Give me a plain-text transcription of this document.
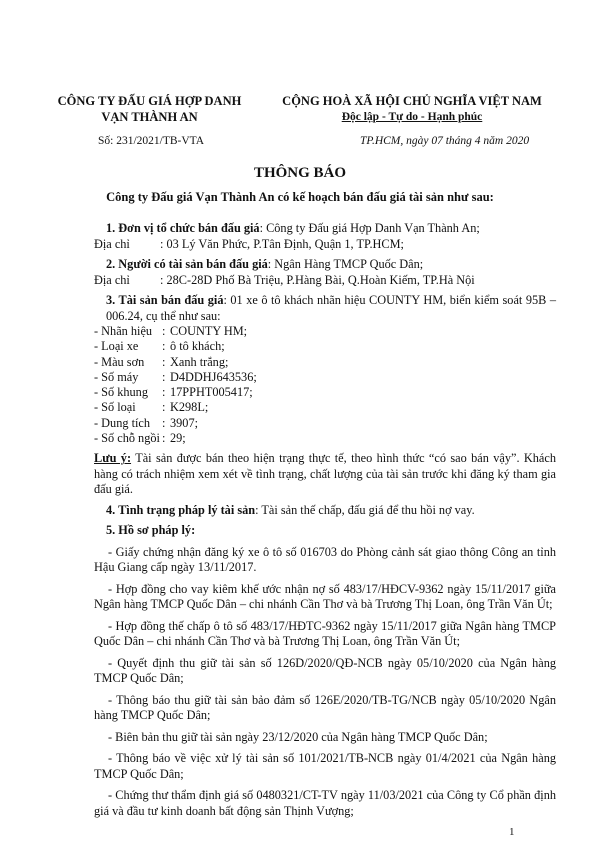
CÔNG TY ĐẤU GIÁ HỢP DANH
VẠN THÀNH AN
CỘNG HOÀ XÃ HỘI CHỦ NGHĨA VIỆT NAM
Độc lập - Tự do - Hạnh phúc
Số: 231/2021/TB-VTA	TP.HCM, ngày 07 tháng 4 năm 2020
THÔNG BÁO
Công ty Đấu giá Vạn Thành An có kế hoạch bán đấu giá tài sản như sau:

1. Đơn vị tổ chức bán đấu giá: Công ty Đấu giá Hợp Danh Vạn Thành An;

Địa chỉ	: 03 Lý Văn Phức, P.Tân Định, Quận 1, TP.HCM;

2. Người có tài sản bán đấu giá: Ngân Hàng TMCP Quốc Dân;

Địa chỉ	: 28C-28D Phố Bà Triệu, P.Hàng Bài, Q.Hoàn Kiếm, TP.Hà Nội

3. Tài sản bán đấu giá: 01 xe ô tô khách nhãn hiệu COUNTY HM, biển kiểm soát 95B – 006.24, cụ thể như sau:

- Nhãn hiệu : COUNTY HM;
- Loại xe	: ô tô khách;
- Màu sơn	: Xanh trắng;
- Số máy	: D4DDHJ643536;
- Số khung	: 17PPHT005417;
- Số loại	: K298L;
- Dung tích : 3907;
- Số chỗ ngồi : 29;

Lưu ý: Tài sản được bán theo hiện trạng thực tế, theo hình thức “có sao bán vậy”. Khách hàng có trách nhiệm xem xét về tình trạng, chất lượng của tài sản trước khi đăng ký tham gia đấu giá.

4. Tình trạng pháp lý tài sản: Tài sản thế chấp, đấu giá để thu hồi nợ vay.

5. Hồ sơ pháp lý:

- Giấy chứng nhận đăng ký xe ô tô số 016703 do Phòng cảnh sát giao thông Công an tỉnh Hậu Giang cấp ngày 13/11/2017.

- Hợp đồng cho vay kiêm khế ước nhận nợ số 483/17/HĐCV-9362 ngày 15/11/2017 giữa Ngân hàng TMCP Quốc Dân – chi nhánh Cần Thơ và bà Trương Thị Loan, ông Trần Văn Út;

- Hợp đồng thế chấp ô tô số 483/17/HĐTC-9362 ngày 15/11/2017 giữa Ngân hàng TMCP Quốc Dân – chi nhánh Cần Thơ và bà Trương Thị Loan, ông Trần Văn Út;

- Quyết định thu giữ tài sản số 126D/2020/QĐ-NCB ngày 05/10/2020 của Ngân hàng TMCP Quốc Dân;

- Thông báo thu giữ tài sản bảo đảm số 126E/2020/TB-TG/NCB ngày 05/10/2020 Ngân hàng TMCP Quốc Dân;

- Biên bản thu giữ tài sản ngày 23/12/2020 của Ngân hàng TMCP Quốc Dân;

- Thông báo về việc xử lý tài sản số 101/2021/TB-NCB ngày 01/4/2021 của Ngân hàng TMCP Quốc Dân;

- Chứng thư thẩm định giá số 0480321/CT-TV ngày 11/03/2021 của Công ty Cổ phần định giá và đầu tư kinh doanh bất động sản Thịnh Vượng;

1
